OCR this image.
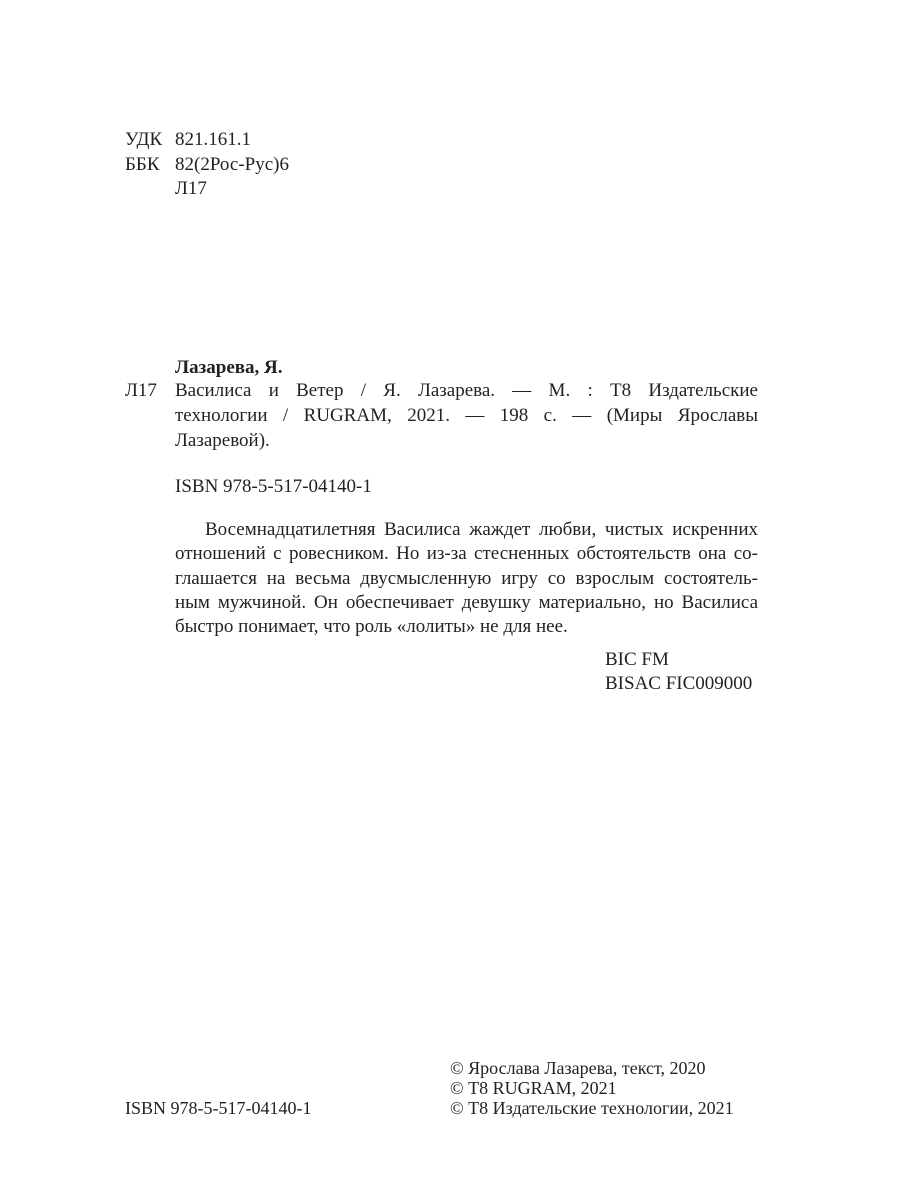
УДК 821.161.1
ББК 82(2Рос-Рус)6
Л17
Лазарева, Я.
Л17 Василиса и Ветер / Я. Лазарева. — М. : Т8 Издательские
технологии / RUGRAM, 2021. — 198 с. — (Миры Ярославы
Лазаревой).
ISBN 978-5-517-04140-1
Восемнадцатилетняя Василиса жаждет любви, чистых искренних
отношений с ровесником. Но из-за стесненных обстоятельств она со-
глашается на весьма двусмысленную игру со взрослым состоятель-
ным мужчиной. Он обеспечивает девушку материально, но Василиса
быстро понимает, что роль «лолиты» не для нее.
BIC FM
BISAC FIC009000
© Ярослава Лазарева, текст, 2020
© Т8 RUGRAM, 2021
© Т8 Издательские технологии, 2021
ISBN 978-5-517-04140-1
